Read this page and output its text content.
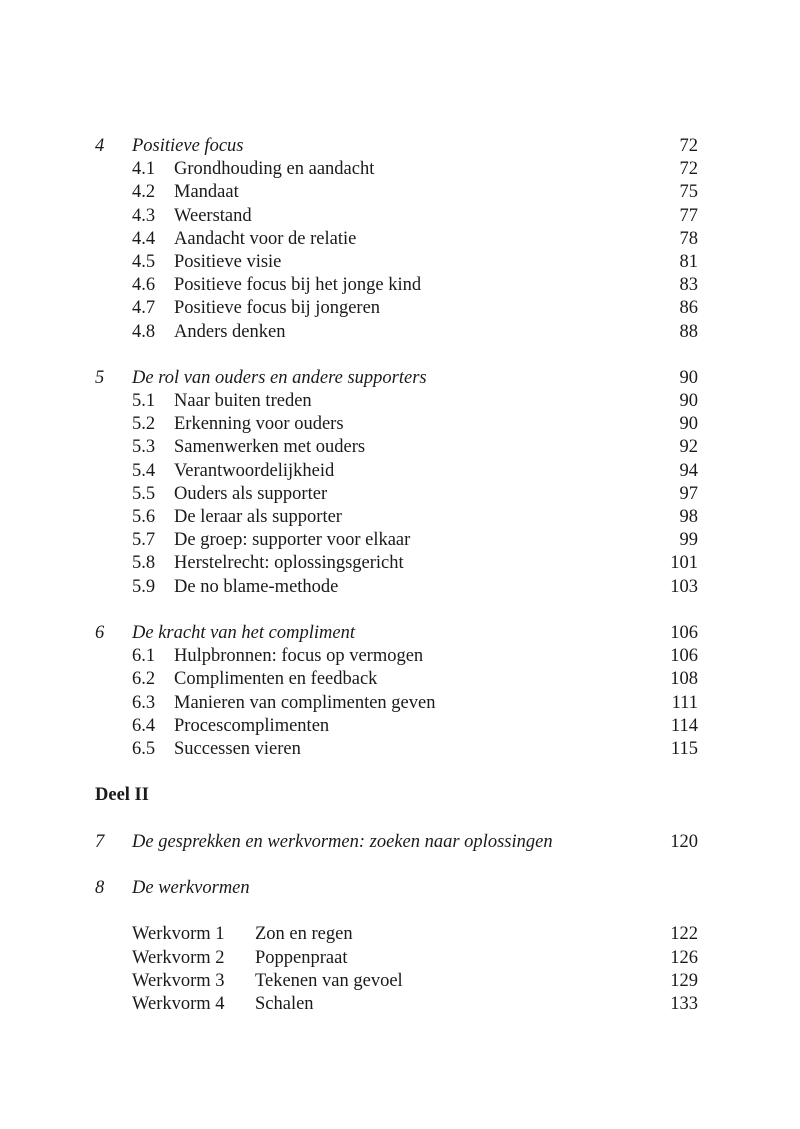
4 Positieve focus	72
4.1 Grondhouding en aandacht	72
4.2 Mandaat	75
4.3 Weerstand	77
4.4 Aandacht voor de relatie	78
4.5 Positieve visie	81
4.6 Positieve focus bij het jonge kind	83
4.7 Positieve focus bij jongeren	86
4.8 Anders denken	88
5 De rol van ouders en andere supporters	90
5.1 Naar buiten treden	90
5.2 Erkenning voor ouders	90
5.3 Samenwerken met ouders	92
5.4 Verantwoordelijkheid	94
5.5 Ouders als supporter	97
5.6 De leraar als supporter	98
5.7 De groep: supporter voor elkaar	99
5.8 Herstelrecht: oplossingsgericht	101
5.9 De no blame-methode	103
6 De kracht van het compliment	106
6.1 Hulpbronnen: focus op vermogen	106
6.2 Complimenten en feedback	108
6.3 Manieren van complimenten geven	111
6.4 Procescomplimenten	114
6.5 Successen vieren	115
Deel II
7 De gesprekken en werkvormen: zoeken naar oplossingen	120
8 De werkvormen
Werkvorm 1 Zon en regen	122
Werkvorm 2 Poppenpraat	126
Werkvorm 3 Tekenen van gevoel	129
Werkvorm 4 Schalen	133
